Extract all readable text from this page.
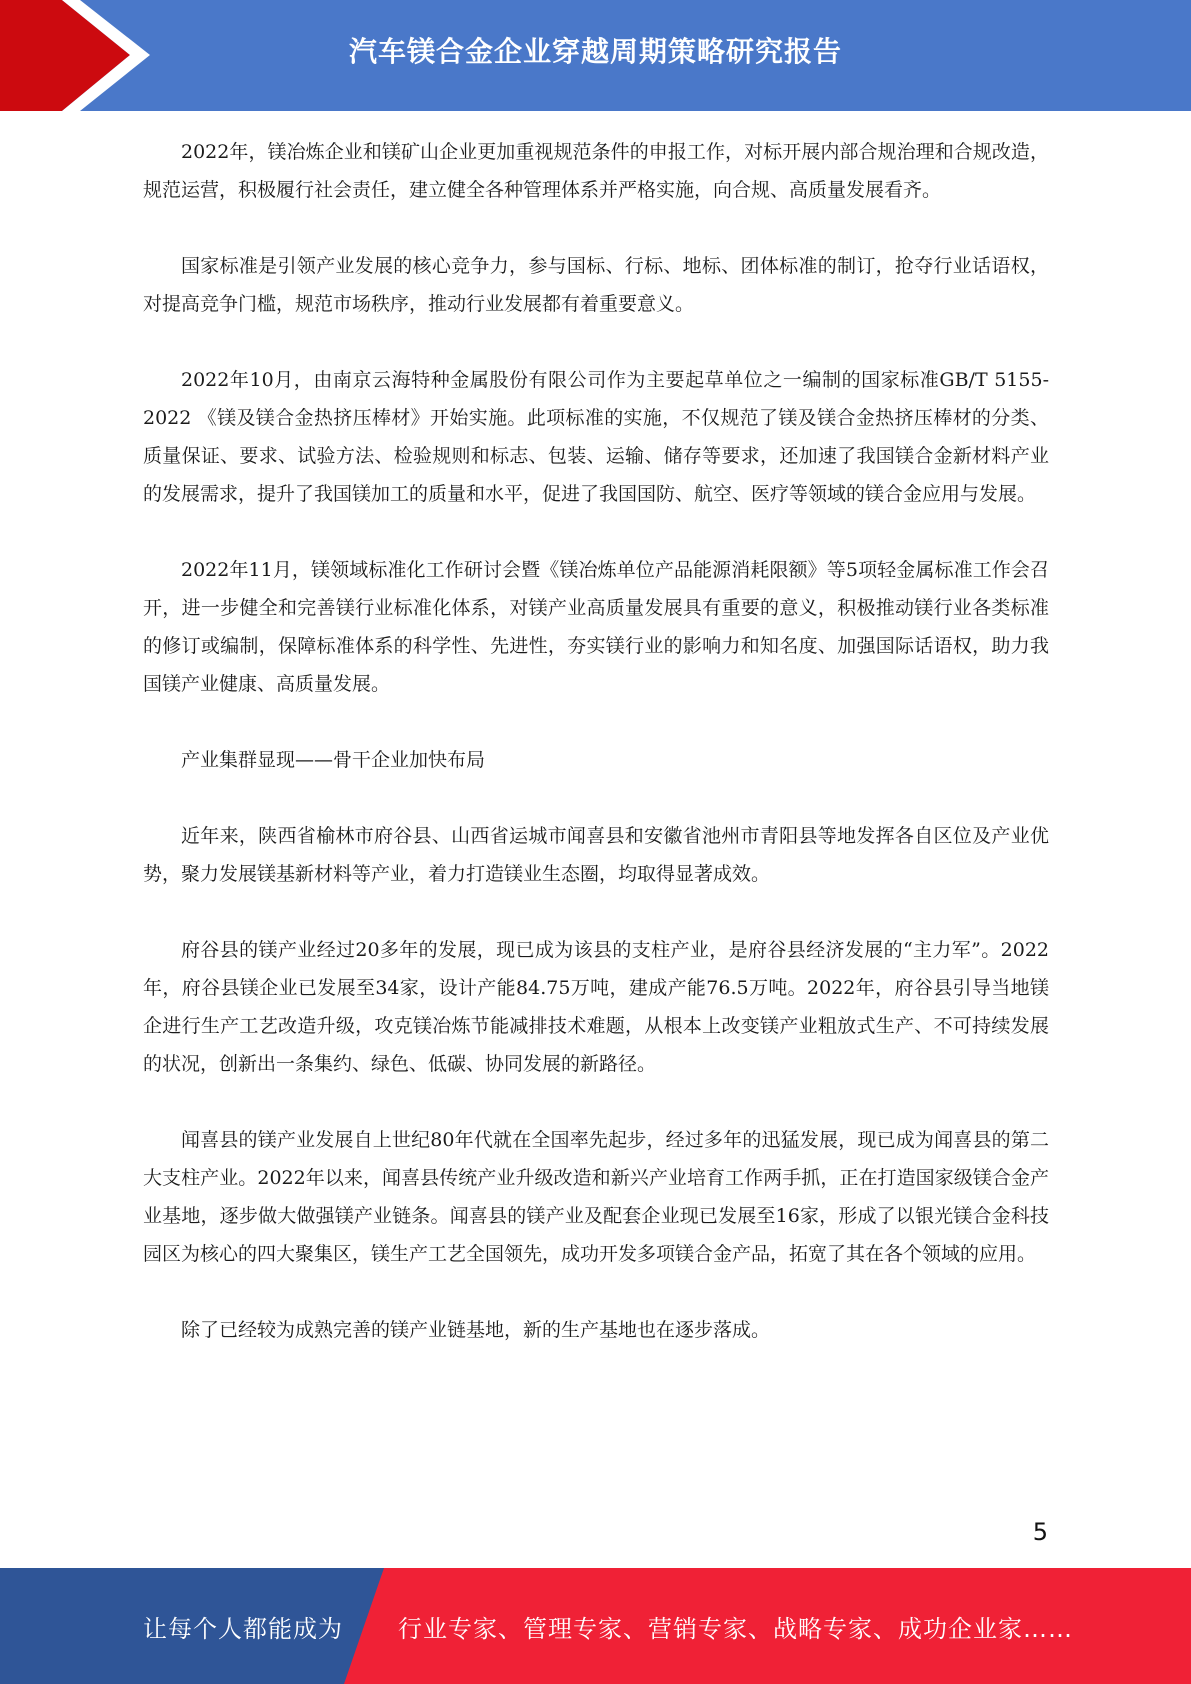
汽车镁合金企业穿越周期策略研究报告

2022年，镁冶炼企业和镁矿山企业更加重视规范条件的申报工作，对标开展内部合规治理和合规改造，规范运营，积极履行社会责任，建立健全各种管理体系并严格实施，向合规、高质量发展看齐。

国家标准是引领产业发展的核心竞争力，参与国标、行标、地标、团体标准的制订，抢夺行业话语权，对提高竞争门槛，规范市场秩序，推动行业发展都有着重要意义。

2022年10月，由南京云海特种金属股份有限公司作为主要起草单位之一编制的国家标准GB/T 5155-2022 《镁及镁合金热挤压棒材》开始实施。此项标准的实施，不仅规范了镁及镁合金热挤压棒材的分类、质量保证、要求、试验方法、检验规则和标志、包装、运输、储存等要求，还加速了我国镁合金新材料产业的发展需求，提升了我国镁加工的质量和水平，促进了我国国防、航空、医疗等领域的镁合金应用与发展。

2022年11月，镁领域标准化工作研讨会暨《镁冶炼单位产品能源消耗限额》等5项轻金属标准工作会召开，进一步健全和完善镁行业标准化体系，对镁产业高质量发展具有重要的意义，积极推动镁行业各类标准的修订或编制，保障标准体系的科学性、先进性，夯实镁行业的影响力和知名度、加强国际话语权，助力我国镁产业健康、高质量发展。

产业集群显现——骨干企业加快布局

近年来，陕西省榆林市府谷县、山西省运城市闻喜县和安徽省池州市青阳县等地发挥各自区位及产业优势，聚力发展镁基新材料等产业，着力打造镁业生态圈，均取得显著成效。

府谷县的镁产业经过20多年的发展，现已成为该县的支柱产业，是府谷县经济发展的“主力军”。2022年，府谷县镁企业已发展至34家，设计产能84.75万吨，建成产能76.5万吨。2022年，府谷县引导当地镁企进行生产工艺改造升级，攻克镁冶炼节能减排技术难题，从根本上改变镁产业粗放式生产、不可持续发展的状况，创新出一条集约、绿色、低碳、协同发展的新路径。

闻喜县的镁产业发展自上世纪80年代就在全国率先起步，经过多年的迅猛发展，现已成为闻喜县的第二大支柱产业。2022年以来，闻喜县传统产业升级改造和新兴产业培育工作两手抓，正在打造国家级镁合金产业基地，逐步做大做强镁产业链条。闻喜县的镁产业及配套企业现已发展至16家，形成了以银光镁合金科技园区为核心的四大聚集区，镁生产工艺全国领先，成功开发多项镁合金产品，拓宽了其在各个领域的应用。

除了已经较为成熟完善的镁产业链基地，新的生产基地也在逐步落成。

5
让每个人都能成为 行业专家、管理专家、营销专家、战略专家、成功企业家……
